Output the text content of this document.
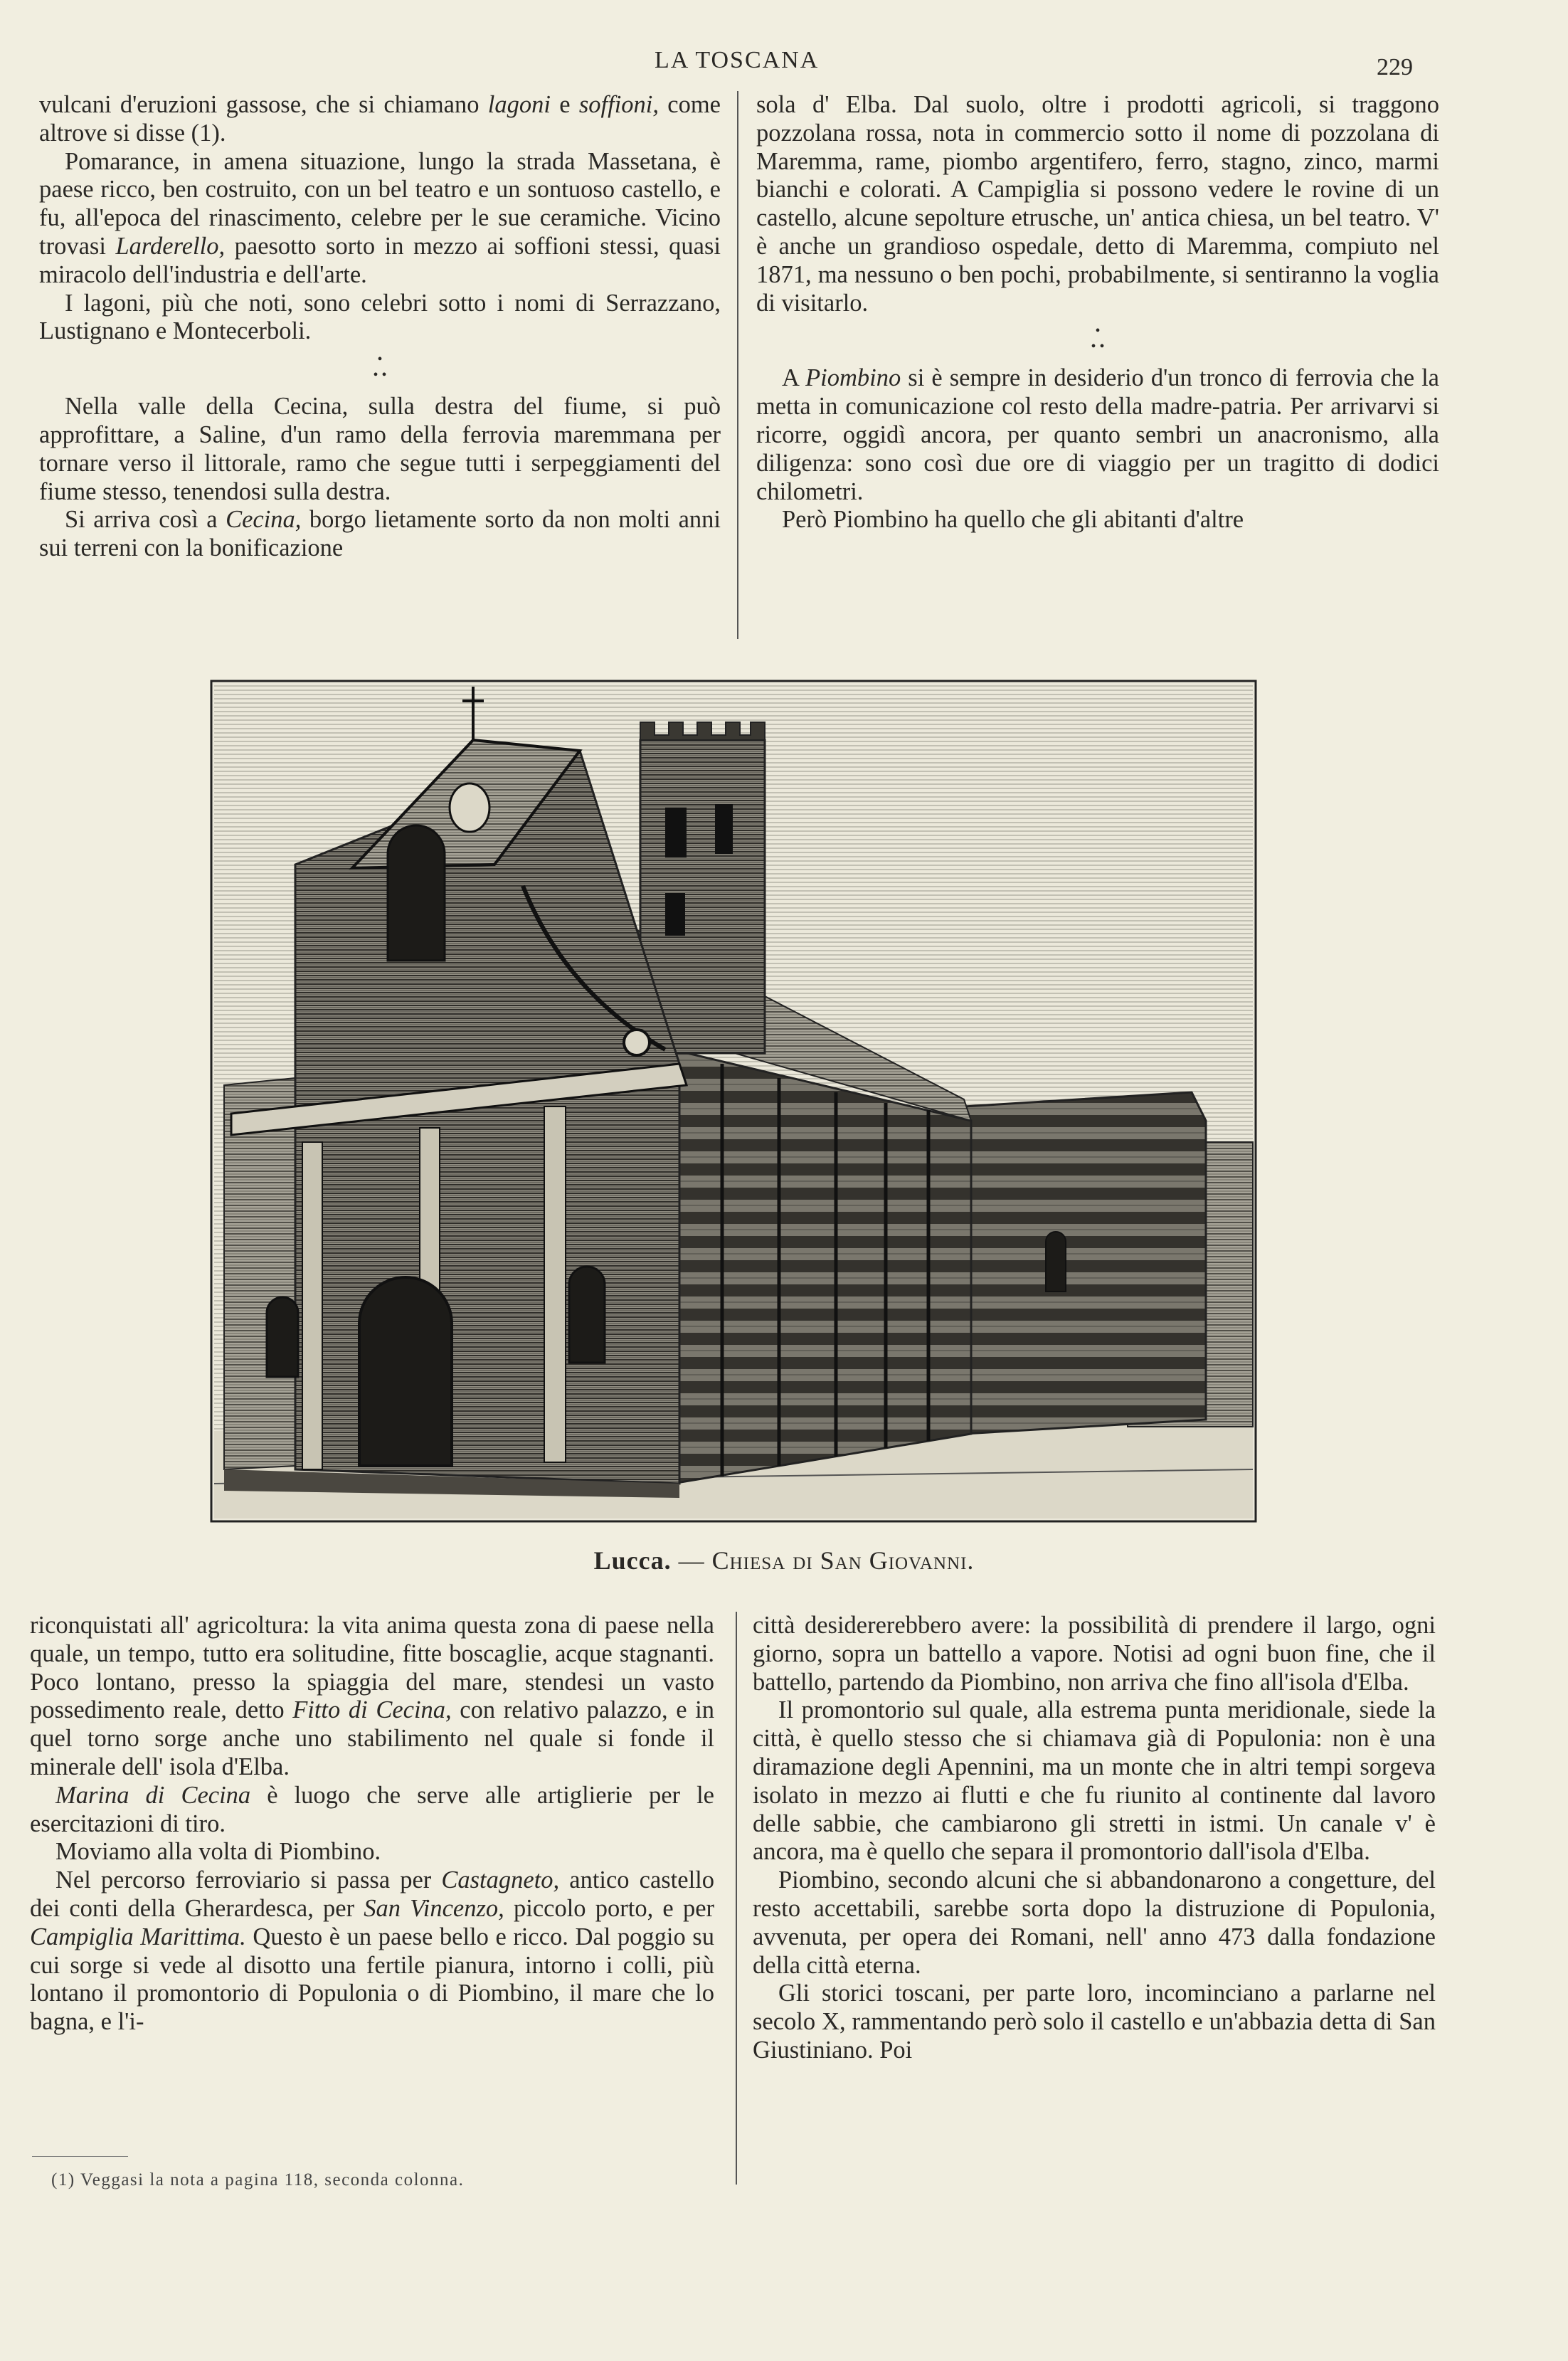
LA TOSCANA	229

vulcani d'eruzioni gassose, che si chiamano lagoni e soffioni, come altrove si disse (1).

Pomarance, in amena situazione, lungo la strada Massetana, è paese ricco, ben costruito, con un bel teatro e un sontuoso castello, e fu, all'epoca del rinascimento, celebre per le sue ceramiche. Vicino trovasi Larderello, paesotto sorto in mezzo ai soffioni stessi, quasi miracolo dell'industria e dell'arte.

I lagoni, più che noti, sono celebri sotto i nomi di Serrazzano, Lustignano e Montecerboli.

•
• •

Nella valle della Cecina, sulla destra del fiume, si può approfittare, a Saline, d'un ramo della ferrovia maremmana per tornare verso il littorale, ramo che segue tutti i serpeggiamenti del fiume stesso, tenendosi sulla destra.

Si arriva così a Cecina, borgo lietamente sorto da non molti anni sui terreni con la bonificazione

sola d' Elba. Dal suolo, oltre i prodotti agricoli, si traggono pozzolana rossa, nota in commercio sotto il nome di pozzolana di Maremma, rame, piombo argentifero, ferro, stagno, zinco, marmi bianchi e colorati. A Campiglia si possono vedere le rovine di un castello, alcune sepolture etrusche, un' antica chiesa, un bel teatro. V' è anche un grandioso ospedale, detto di Maremma, compiuto nel 1871, ma nessuno o ben pochi, probabilmente, si sentiranno la voglia di visitarlo.

•
• •

A Piombino si è sempre in desiderio d'un tronco di ferrovia che la metta in comunicazione col resto della madre-patria. Per arrivarvi si ricorre, oggidì ancora, per quanto sembri un anacronismo, alla diligenza: sono così due ore di viaggio per un tragitto di dodici chilometri.

Però Piombino ha quello che gli abitanti d'altre

Lucca. — Chiesa di San Giovanni.

riconquistati all' agricoltura: la vita anima questa zona di paese nella quale, un tempo, tutto era solitudine, fitte boscaglie, acque stagnanti. Poco lontano, presso la spiaggia del mare, stendesi un vasto possedimento reale, detto Fitto di Cecina, con relativo palazzo, e in quel torno sorge anche uno stabilimento nel quale si fonde il minerale dell' isola d'Elba.

Marina di Cecina è luogo che serve alle artiglierie per le esercitazioni di tiro.

Moviamo alla volta di Piombino.

Nel percorso ferroviario si passa per Castagneto, antico castello dei conti della Gherardesca, per San Vincenzo, piccolo porto, e per Campiglia Marittima. Questo è un paese bello e ricco. Dal poggio su cui sorge si vede al disotto una fertile pianura, intorno i colli, più lontano il promontorio di Populonia o di Piombino, il mare che lo bagna, e l'i-

città desidererebbero avere: la possibilità di prendere il largo, ogni giorno, sopra un battello a vapore. Notisi ad ogni buon fine, che il battello, partendo da Piombino, non arriva che fino all'isola d'Elba.

Il promontorio sul quale, alla estrema punta meridionale, siede la città, è quello stesso che si chiamava già di Populonia: non è una diramazione degli Apennini, ma un monte che in altri tempi sorgeva isolato in mezzo ai flutti e che fu riunito al continente dal lavoro delle sabbie, che cambiarono gli stretti in istmi. Un canale v' è ancora, ma è quello che separa il promontorio dall'isola d'Elba.

Piombino, secondo alcuni che si abbandonarono a congetture, del resto accettabili, sarebbe sorta dopo la distruzione di Populonia, avvenuta, per opera dei Romani, nell' anno 473 dalla fondazione della città eterna.

Gli storici toscani, per parte loro, incominciano a parlarne nel secolo X, rammentando però solo il castello e un'abbazia detta di San Giustiniano. Poi

(1) Veggasi la nota a pagina 118, seconda colonna.
